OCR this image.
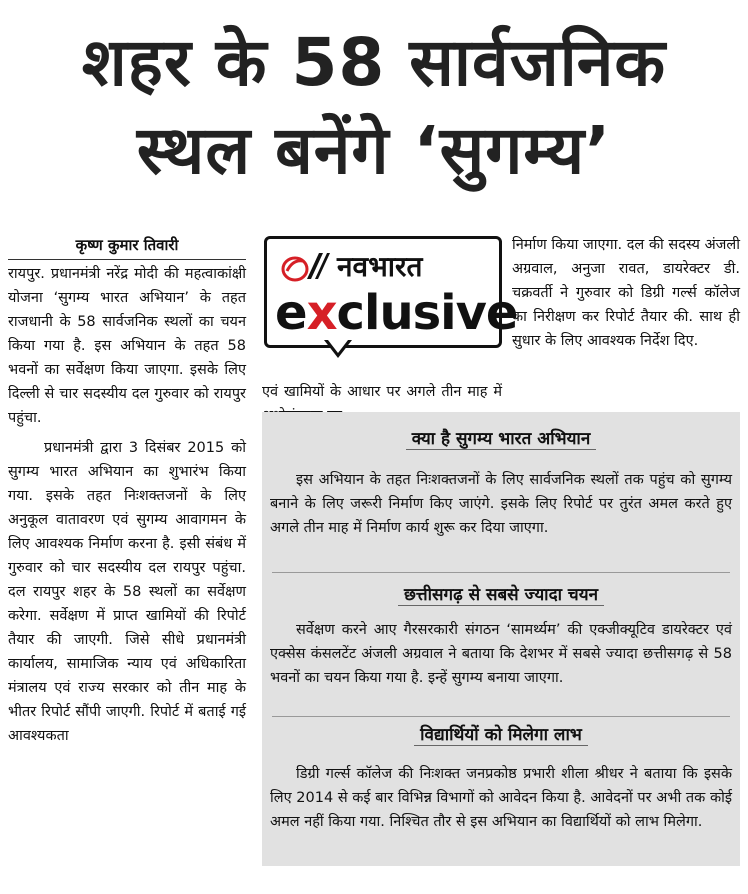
शहर के 58 सार्वजनिक
स्थल बनेंगे ‘सुगम्य’
कृष्ण कुमार तिवारी

रायपुर. प्रधानमंत्री नरेंद्र मोदी की महत्वाकांक्षी योजना ‘सुगम्य भारत अभियान’ के तहत राजधानी के 58 सार्वजनिक स्थलों का चयन किया गया है. इस अभियान के तहत 58 भवनों का सर्वेक्षण किया जाएगा. इसके लिए दिल्ली से चार सदस्यीय दल गुरुवार को रायपुर पहुंचा.

प्रधानमंत्री द्वारा 3 दिसंबर 2015 को सुगम्य भारत अभियान का शुभारंभ किया गया. इसके तहत निःशक्तजनों के लिए अनुकूल वातावरण एवं सुगम्य आवागमन के लिए आवश्यक निर्माण करना है. इसी संबंध में गुरुवार को चार सदस्यीय दल रायपुर पहुंचा. दल रायपुर शहर के 58 स्थलों का सर्वेक्षण करेगा. सर्वेक्षण में प्राप्त खामियों की रिपोर्ट तैयार की जाएगी. जिसे सीधे प्रधानमंत्री कार्यालय, सामाजिक न्याय एवं अधिकारिता मंत्रालय एवं राज्य सरकार को तीन माह के भीतर रिपोर्ट सौंपी जाएगी. रिपोर्ट में बताई गई आवश्यकता

नवभारत
exclusive

एवं खामियों के आधार पर अगले तीन माह में

निर्माण किया जाएगा. दल की सदस्य अंजली अग्रवाल, अनुजा रावत, डायरेक्टर डी. चक्रवर्ती ने गुरुवार को डिग्री गर्ल्स कॉलेज का निरीक्षण कर रिपोर्ट तैयार की. साथ ही सुधार के लिए आवश्यक निर्देश दिए.

क्या है सुगम्य भारत अभियान
इस अभियान के तहत निःशक्तजनों के लिए सार्वजनिक स्थलों तक पहुंच को सुगम्य बनाने के लिए जरूरी निर्माण किए जाएंगे. इसके लिए रिपोर्ट पर तुरंत अमल करते हुए अगले तीन माह में निर्माण कार्य शुरू कर दिया जाएगा.
छत्तीसगढ़ से सबसे ज्यादा चयन
सर्वेक्षण करने आए गैरसरकारी संगठन ‘सामर्थ्यम’ की एक्जीक्यूटिव डायरेक्टर एवं एक्सेस कंसलटेंट अंजली अग्रवाल ने बताया कि देशभर में सबसे ज्यादा छत्तीसगढ़ से 58 भवनों का चयन किया गया है. इन्हें सुगम्य बनाया जाएगा.
विद्यार्थियों को मिलेगा लाभ
डिग्री गर्ल्स कॉलेज की निःशक्त जनप्रकोष्ठ प्रभारी शीला श्रीधर ने बताया कि इसके लिए 2014 से कई बार विभिन्न विभागों को आवेदन किया है. आवेदनों पर अभी तक कोई अमल नहीं किया गया. निश्चित तौर से इस अभियान का विद्यार्थियों को लाभ मिलेगा.
